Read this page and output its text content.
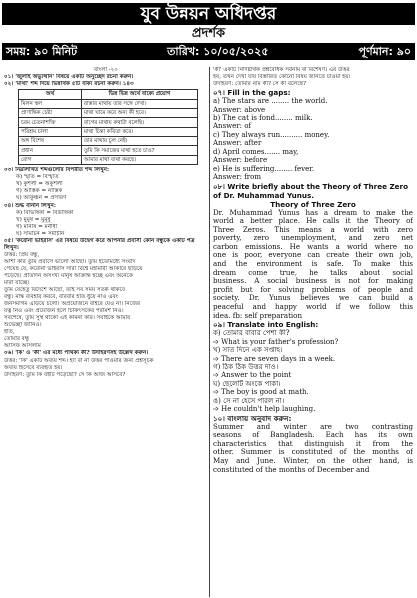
যুব উন্নয়ন অধিদপ্তর
প্রদর্শক
সময়: ৯০ মিনিট	তারিখ: ১০/০৫/২০২৫	পূর্ণমান: ৯০
বাংলা -২০
০১। 'জুলাই অভ্যুত্থান' বিষয়ে একটি অনুচ্ছেদ রচনা করুন।
০২। 'মাথা' শব্দ দিয়ে ভিন্নার্থক ৫টি বাক্য রচনা করুন। ১৪৩
অর্থ	ভিন্ন ভিন্ন অর্থে বাক্যে প্রয়োগ
মিলন স্থল	রাস্তার মাথায় তার সঙ্গে দেখা।
প্রাণান্তিক চেষ্টা	মাথা ঘামে করে অন্য কী হবে।
চরম চেতনাশক্তি	রাগের মাথায় কথাটা বলেছি।
পরিশ্রম চালা	মাথা চিন্তা কবিতা করে।
অঙ্গ বিশেষ	তার মাথায় চুল নেই।
প্রধান	তুমি কি সমাজের মাথা হতে চাও?
রোগ	আমার মাথা ব্যথা করছে।
০৩। নিম্নলিখিত শব্দগুলোর বিপরীত শব্দ লিখুন:
ক) স্মৃতি = বিস্মৃতি
খ) কুশলী = অকুশলী
গ) আস্তিক = নাস্তিক
ঘ) আকুঞ্চন = প্রসারণ
০৪। শুদ্ধ বানান লিখুন:
ক) বিভিষিকা = বিভীষিকা
খ) মুমূর্ষ = মুমূর্ষু
গ) মনিষি = মনীষী
ঘ) সমিচিন = সমীচীন
০৫। 'করোনা ভাইরাস' এর বিষয়ে উদ্বেগ করে আপনার প্রবাসী কোন বন্ধুকে একটি পত্র লিখুন।
উত্তর: প্রিয় বন্ধু,
আশা করি তুমি প্রবাসে ভালো আছো। তুমি ইতোমধ্যে সংবাদ
পেয়েছ যে, করোনা ভাইরাস সারা বিশ্বে মহামারী আকারে ছড়িয়ে
পড়েছে। প্রতিদিন অসংখ্য মানুষ আক্রান্ত হচ্ছে এবং অনেকে
মারা যাচ্ছে।
তুমি যেহেতু বিদেশে আছো, তাই সব সময় সতর্ক থাকবে
বন্ধু। মাস্ক ব্যবহার করবে, বারবার হাত ধুয়ে নাও এবং
জনসমাগম এড়িয়ে চলো। অপ্রয়োজনে বাইরে যেও না। নিজের
যত্ন নিও এবং প্রয়োজন হলে চিকিৎসকের পরামর্শ নিও।
সবশেষে, তুমি সুস্থ থাকো এই কামনা করি। সবাইকে আমার
শুভেচ্ছা জানিও।
ইতি,
তোমার বন্ধু
আসিফ আসলাম
০৬। 'কি' ও 'কী' এর মধ্যে পার্থক্য কী? উদাহরণসহ উল্লেখ করুন।
উত্তর: 'কি' একটি অব্যয় শব্দ। হ্যাঁ বা না উত্তর পাওয়ার জন্য প্রশ্নসূচক
অব্যয় হিসেবে ব্যবহৃত হয়।
উদাহরণ: তুমি কি বইটি পড়েছো? সে কি আজ আসবে?
'কী' একটি নির্দিষ্টার্থক প্রশ্নবোধক সর্বনাম বা বিশেষণ। এর উত্তর
হয়, তখন দেখা যায় বিস্তারিত কোনো বিষয় জানতে চাওয়া হয়।
উদাহরণ: তোমার নাম কী? সে কী বলেছে?
০৭। Fill in the gaps:
a) The stars are ........ the world.
Answer: above
b) The cat is fond........ milk.
Answer: of
c) They always run.......... money.
Answer: after
d) April comes....... may,
Answer: before
e) He is suffering........ fever.
Answer: from
০৮। Write briefly about the Theory of Three Zero of Dr. Muhammad Yunus.
Theory of Three Zero
Dr. Muhammad Yunus has a dream to make the
world a better place. He calls it the Theory of
Three Zeros. This means a world with zero
poverty, zero unemployment, and zero net
carbon emissions. He wants a world where no
one is poor, everyone can create their own job,
and the environment is safe. To make this
dream come true, he talks about social
business. A social business is not for making
profit but for solving problems of people and
society. Dr. Yunus believes we can build a
peaceful and happy world if we follow this
idea. fb: self preparation
০৯। Translate into English:
ক) তোমার বাবার পেশা কী?
➩ What is your father's profession?
খ) সাত দিনে এক সপ্তাহ।
➩ There are seven days in a week.
গ) ঠিক ঠিক উত্তর দাও।
➩ Answer to the point
ঘ) ছেলেটি অংকে পাকা।
➩ The boy is good at math.
ঙ) সে না হেসে পারল না।
➩ He couldn't help laughing.
১০। বাংলায় অনুবাদ করুন:
Summer and winter are two contrasting
seasons of Bangladesh. Each has its own
characteristics that distinguish it from the
other. Summer is constituted of the months of
May and June. Winter, on the other hand, is
constituted of the months of December and
